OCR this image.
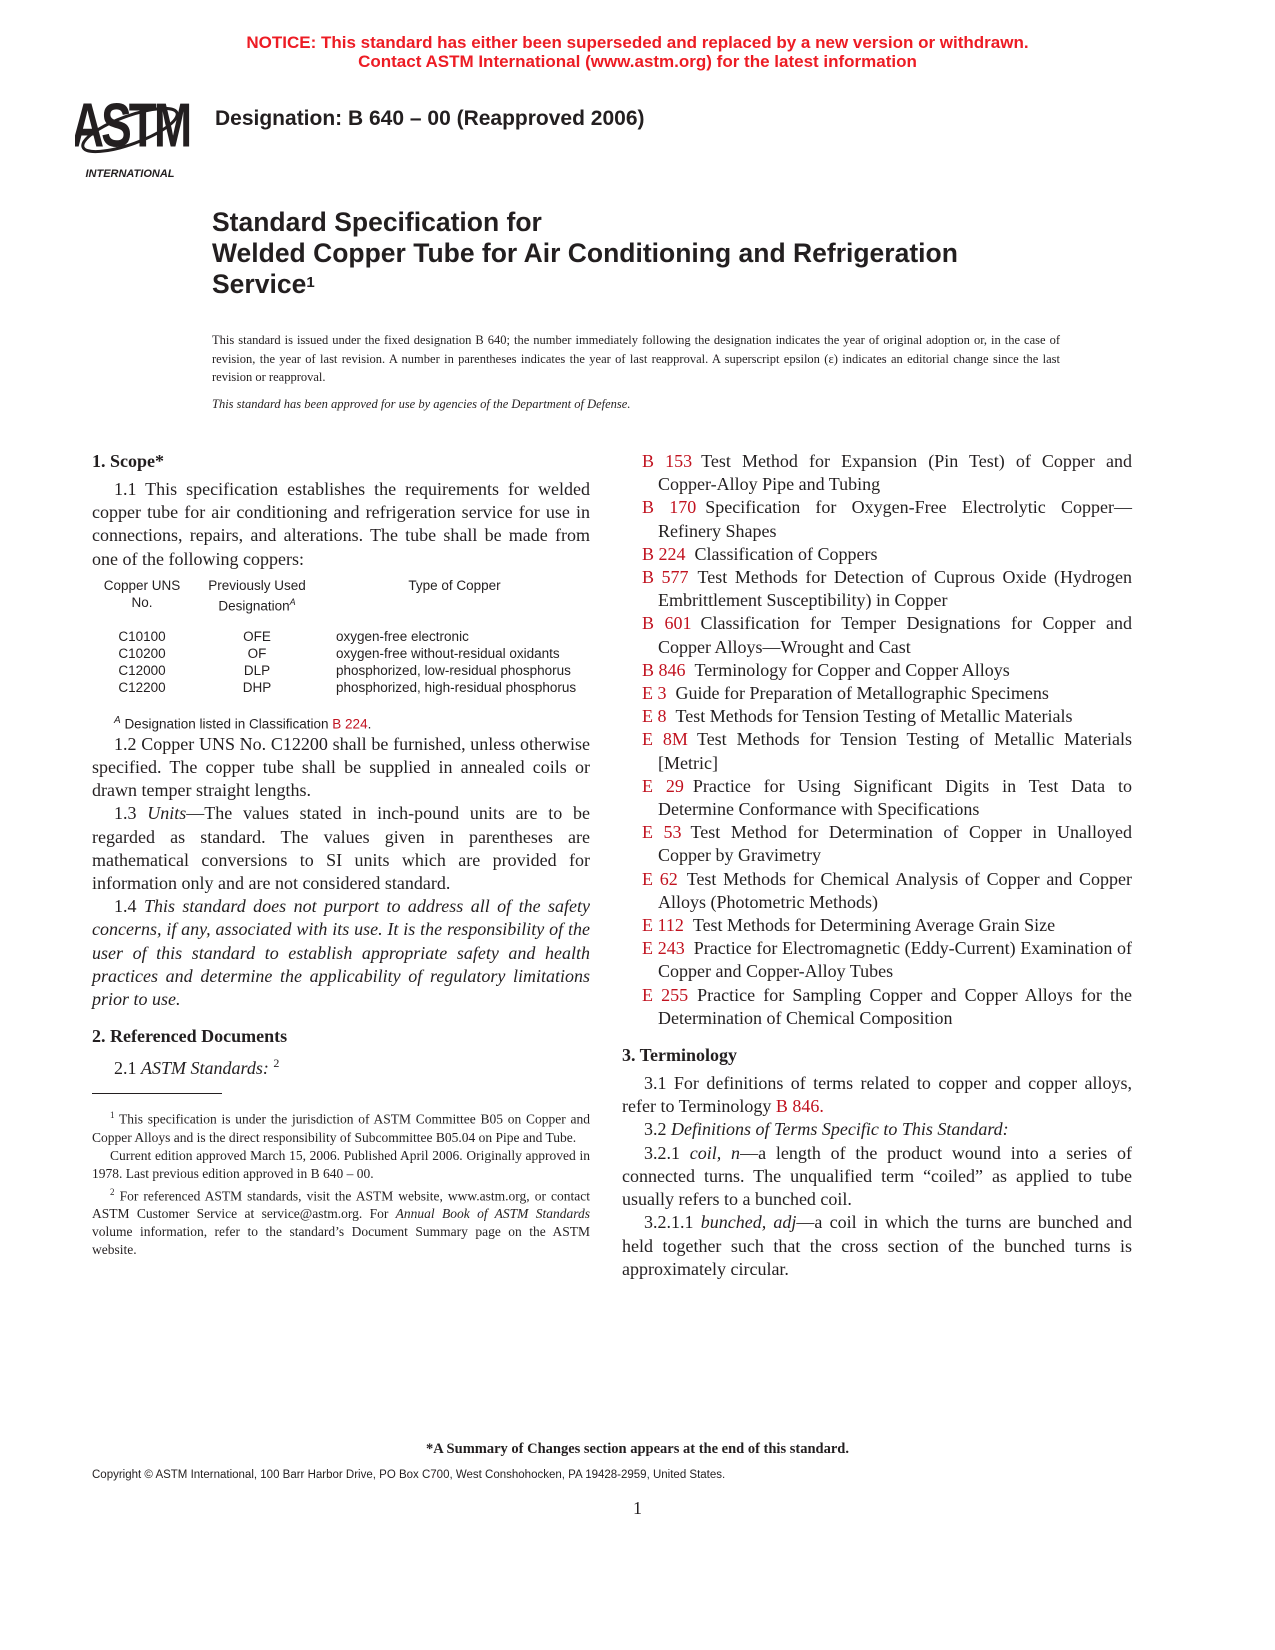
NOTICE: This standard has either been superseded and replaced by a new version or withdrawn.
Contact ASTM International (www.astm.org) for the latest information
ASTM
INTERNATIONAL
Designation: B 640 – 00 (Reapproved 2006)
Standard Specification for
Welded Copper Tube for Air Conditioning and Refrigeration
Service$^1$
This standard is issued under the fixed designation B 640; the number immediately following the designation indicates the year of original adoption or, in the case of revision, the year of last revision. A number in parentheses indicates the year of last reapproval. A superscript epsilon (ε) indicates an editorial change since the last revision or reapproval.
This standard has been approved for use by agencies of the Department of Defense.
1. Scope*

1.1 This specification establishes the requirements for welded copper tube for air conditioning and refrigeration service for use in connections, repairs, and alterations. The tube shall be made from one of the following coppers:

Copper UNS No.	Previously Used Designation$^A$	Type of Copper

C10100	OFE	oxygen-free electronic
C10200	OF	oxygen-free without-residual oxidants
C12000	DLP	phosphorized, low-residual phosphorus
C12200	DHP	phosphorized, high-residual phosphorus
$^A$ Designation listed in Classification B 224.

1.2 Copper UNS No. C12200 shall be furnished, unless otherwise specified. The copper tube shall be supplied in annealed coils or drawn temper straight lengths.

1.3 Units—The values stated in inch-pound units are to be regarded as standard. The values given in parentheses are mathematical conversions to SI units which are provided for information only and are not considered standard.

1.4 This standard does not purport to address all of the safety concerns, if any, associated with its use. It is the responsibility of the user of this standard to establish appropriate safety and health practices and determine the applicability of regulatory limitations prior to use.

2. Referenced Documents

2.1 ASTM Standards: $^2$

$^1$ This specification is under the jurisdiction of ASTM Committee B05 on Copper and Copper Alloys and is the direct responsibility of Subcommittee B05.04 on Pipe and Tube.

Current edition approved March 15, 2006. Published April 2006. Originally approved in 1978. Last previous edition approved in B 640 – 00.

$^2$ For referenced ASTM standards, visit the ASTM website, www.astm.org, or contact ASTM Customer Service at service@astm.org. For Annual Book of ASTM Standards volume information, refer to the standard’s Document Summary page on the ASTM website.

B 153  Test Method for Expansion (Pin Test) of Copper and Copper-Alloy Pipe and Tubing
B 170  Specification for Oxygen-Free Electrolytic Copper—Refinery Shapes
B 224  Classification of Coppers
B 577  Test Methods for Detection of Cuprous Oxide (Hydrogen Embrittlement Susceptibility) in Copper
B 601  Classification for Temper Designations for Copper and Copper Alloys—Wrought and Cast
B 846  Terminology for Copper and Copper Alloys
E 3  Guide for Preparation of Metallographic Specimens
E 8  Test Methods for Tension Testing of Metallic Materials
E 8M  Test Methods for Tension Testing of Metallic Materials [Metric]
E 29  Practice for Using Significant Digits in Test Data to Determine Conformance with Specifications
E 53  Test Method for Determination of Copper in Unalloyed Copper by Gravimetry
E 62  Test Methods for Chemical Analysis of Copper and Copper Alloys (Photometric Methods)
E 112  Test Methods for Determining Average Grain Size
E 243  Practice for Electromagnetic (Eddy-Current) Examination of Copper and Copper-Alloy Tubes
E 255  Practice for Sampling Copper and Copper Alloys for the Determination of Chemical Composition
3. Terminology

3.1 For definitions of terms related to copper and copper alloys, refer to Terminology B 846.

3.2 Definitions of Terms Specific to This Standard:

3.2.1 coil, n—a length of the product wound into a series of connected turns. The unqualified term “coiled” as applied to tube usually refers to a bunched coil.

3.2.1.1 bunched, adj—a coil in which the turns are bunched and held together such that the cross section of the bunched turns is approximately circular.

*A Summary of Changes section appears at the end of this standard.
Copyright © ASTM International, 100 Barr Harbor Drive, PO Box C700, West Conshohocken, PA 19428-2959, United States.
1
